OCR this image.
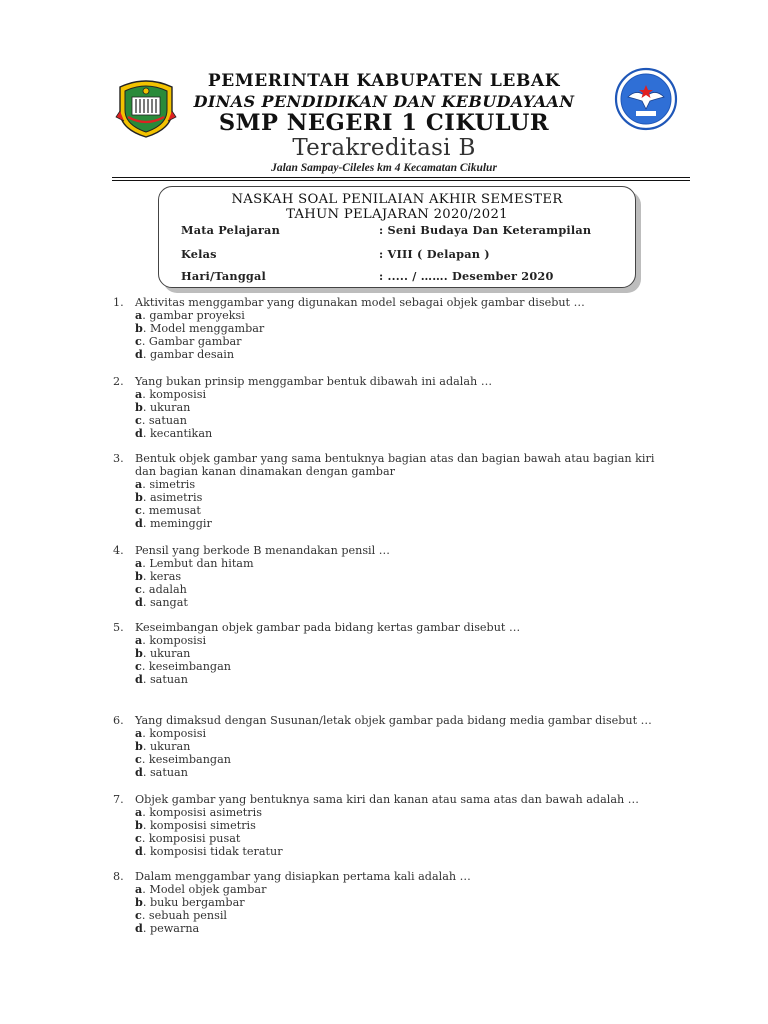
PEMERINTAH KABUPATEN LEBAK
DINAS PENDIDIKAN DAN KEBUDAYAAN
SMP NEGERI 1 CIKULUR
Terakreditasi B
Jalan Sampay-Cileles km 4 Kecamatan Cikulur
NASKAH SOAL PENILAIAN AKHIR SEMESTER
TAHUN PELAJARAN 2020/2021
Mata Pelajaran	: Seni Budaya Dan Keterampilan
Kelas	: VIII ( Delapan )
Hari/Tanggal	: ..... / ……. Desember 2020
1.	Aktivitas menggambar yang digunakan model sebagai objek gambar disebut …
a. gambar proyeksi
b. Model menggambar
c. Gambar gambar
d. gambar desain
2.	Yang bukan prinsip menggambar bentuk dibawah ini adalah …
a. komposisi
b. ukuran
c. satuan
d. kecantikan
3.	Bentuk objek gambar yang sama bentuknya bagian atas dan bagian bawah atau bagian kiri dan bagian kanan dinamakan dengan gambar
a. simetris
b. asimetris
c. memusat
d. meminggir
4.	Pensil yang berkode B menandakan pensil …
a. Lembut dan hitam
b. keras
c. adalah
d. sangat
5.	Keseimbangan objek gambar pada bidang kertas gambar disebut …
a. komposisi
b. ukuran
c. keseimbangan
d. satuan
6.	Yang dimaksud dengan Susunan/letak objek gambar pada bidang media gambar disebut …
a. komposisi
b. ukuran
c. keseimbangan
d. satuan
7.	Objek gambar yang bentuknya sama kiri dan kanan atau sama atas dan bawah adalah …
a. komposisi asimetris
b. komposisi simetris
c. komposisi pusat
d. komposisi tidak teratur
8.	Dalam menggambar yang disiapkan pertama kali adalah …
a. Model objek gambar
b. buku bergambar
c. sebuah pensil
d. pewarna
